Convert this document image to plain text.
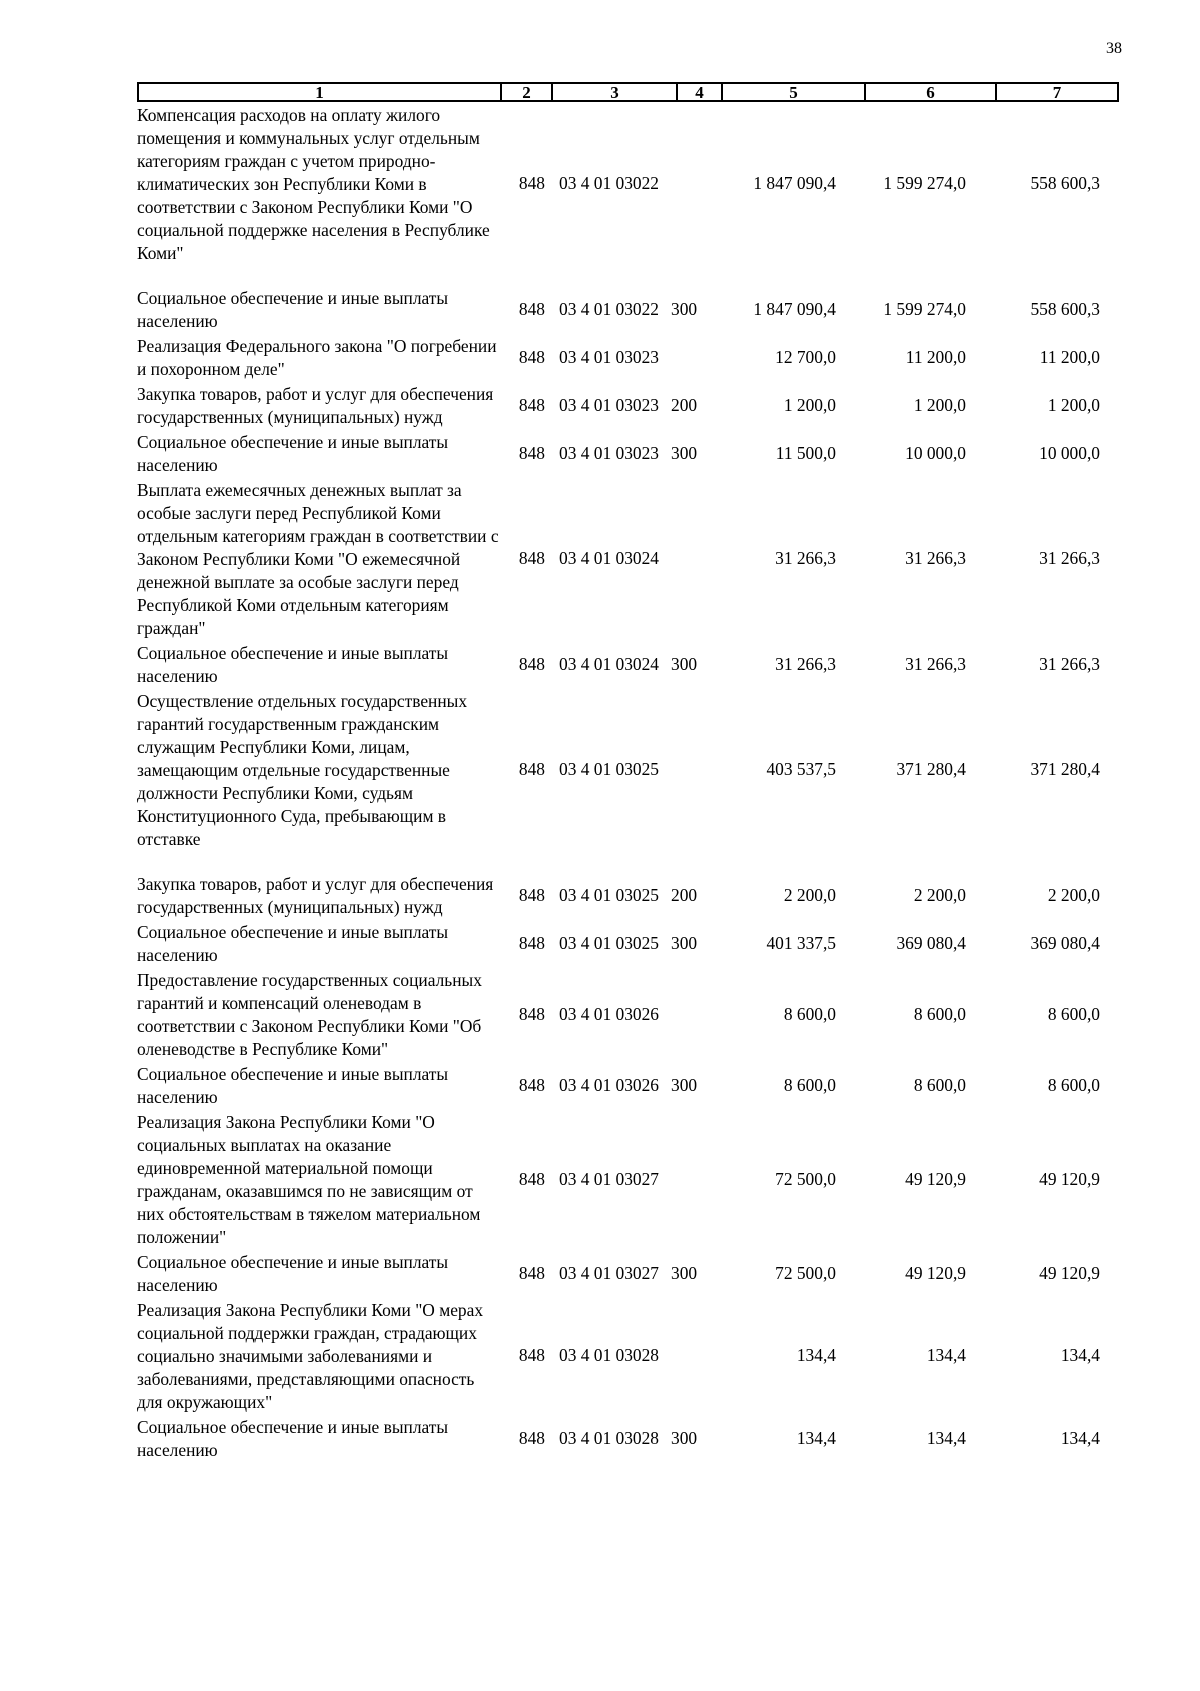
38
1	2	3	4	5	6	7
Компенсация расходов на оплату жилого помещения и коммунальных услуг отдельным категориям граждан с учетом природно-климатических зон Республики Коми в соответствии с Законом Республики Коми "О социальной поддержке населения в Республике Коми"
848 03 4 01 03022	1 847 090,4	1 599 274,0	558 600,3
Социальное обеспечение и иные выплаты населению
848 03 4 01 03022 300	1 847 090,4	1 599 274,0	558 600,3
Реализация Федерального закона "О погребении и похоронном деле"
848 03 4 01 03023	12 700,0	11 200,0	11 200,0
Закупка товаров, работ и услуг для обеспечения государственных (муниципальных) нужд
848 03 4 01 03023 200	1 200,0	1 200,0	1 200,0
Социальное обеспечение и иные выплаты населению
848 03 4 01 03023 300	11 500,0	10 000,0	10 000,0
Выплата ежемесячных денежных выплат за особые заслуги перед Республикой Коми отдельным категориям граждан в соответствии с Законом Республики Коми "О ежемесячной денежной выплате за особые заслуги перед Республикой Коми отдельным категориям граждан"
848 03 4 01 03024	31 266,3	31 266,3	31 266,3
Социальное обеспечение и иные выплаты населению
848 03 4 01 03024 300	31 266,3	31 266,3	31 266,3
Осуществление отдельных государственных гарантий государственным гражданским служащим Республики Коми, лицам, замещающим отдельные государственные должности Республики Коми, судьям Конституционного Суда, пребывающим в отставке
848 03 4 01 03025	403 537,5	371 280,4	371 280,4
Закупка товаров, работ и услуг для обеспечения государственных (муниципальных) нужд
848 03 4 01 03025 200	2 200,0	2 200,0	2 200,0
Социальное обеспечение и иные выплаты населению
848 03 4 01 03025 300	401 337,5	369 080,4	369 080,4
Предоставление государственных социальных гарантий и компенсаций оленеводам в соответствии с Законом Республики Коми "Об оленеводстве в Республике Коми"
848 03 4 01 03026	8 600,0	8 600,0	8 600,0
Социальное обеспечение и иные выплаты населению
848 03 4 01 03026 300	8 600,0	8 600,0	8 600,0
Реализация Закона Республики Коми "О социальных выплатах на оказание единовременной материальной помощи гражданам, оказавшимся по не зависящим от них обстоятельствам в тяжелом материальном положении"
848 03 4 01 03027	72 500,0	49 120,9	49 120,9
Социальное обеспечение и иные выплаты населению
848 03 4 01 03027 300	72 500,0	49 120,9	49 120,9
Реализация Закона Республики Коми "О мерах социальной поддержки граждан, страдающих социально значимыми заболеваниями и заболеваниями, представляющими опасность для окружающих"
848 03 4 01 03028	134,4	134,4	134,4
Социальное обеспечение и иные выплаты населению
848 03 4 01 03028 300	134,4	134,4	134,4
